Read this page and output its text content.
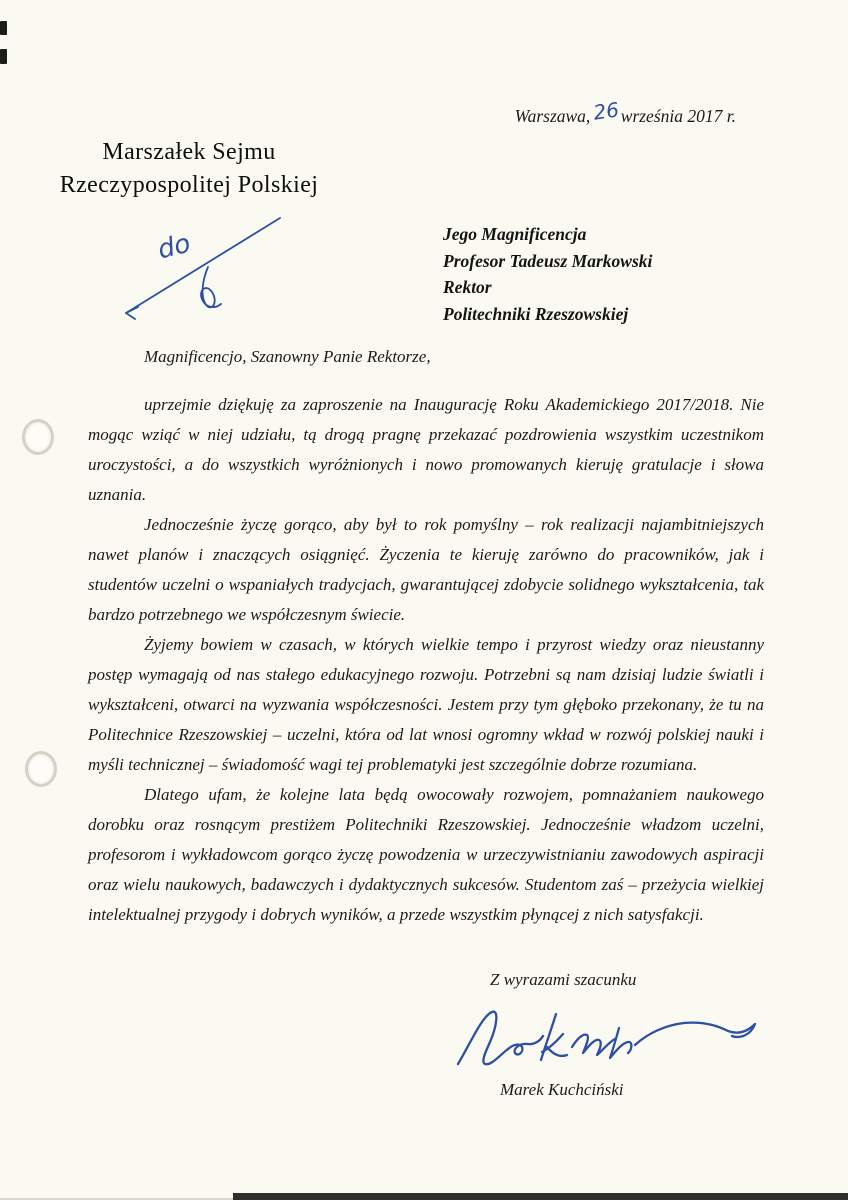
Warszawa,26września 2017 r.
Marszałek Sejmu
Rzeczypospolitej Polskiej
do	Jego Magnificencja
Profesor Tadeusz Markowski
Rektor
Politechniki Rzeszowskiej

Magnificencjo, Szanowny Panie Rektorze,

uprzejmie dziękuję za zaproszenie na Inaugurację Roku Akademickiego 2017/2018. Nie mogąc wziąć w niej udziału, tą drogą pragnę przekazać pozdrowienia wszystkim uczestnikom uroczystości, a do wszystkich wyróżnionych i nowo promowanych kieruję gratulacje i słowa uznania.

Jednocześnie życzę gorąco, aby był to rok pomyślny – rok realizacji najambitniejszych nawet planów i znaczących osiągnięć. Życzenia te kieruję zarówno do pracowników, jak i studentów uczelni o wspaniałych tradycjach, gwarantującej zdobycie solidnego wykształcenia, tak bardzo potrzebnego we współczesnym świecie.

Żyjemy bowiem w czasach, w których wielkie tempo i przyrost wiedzy oraz nieustanny postęp wymagają od nas stałego edukacyjnego rozwoju. Potrzebni są nam dzisiaj ludzie światli i wykształceni, otwarci na wyzwania współczesności. Jestem przy tym głęboko przekonany, że tu na Politechnice Rzeszowskiej – uczelni, która od lat wnosi ogromny wkład w rozwój polskiej nauki i myśli technicznej – świadomość wagi tej problematyki jest szczególnie dobrze rozumiana.

Dlatego ufam, że kolejne lata będą owocowały rozwojem, pomnażaniem naukowego dorobku oraz rosnącym prestiżem Politechniki Rzeszowskiej. Jednocześnie władzom uczelni, profesorom i wykładowcom gorąco życzę powodzenia w urzeczywistnianiu zawodowych aspiracji oraz wielu naukowych, badawczych i dydaktycznych sukcesów. Studentom zaś – przeżycia wielkiej intelektualnej przygody i dobrych wyników, a przede wszystkim płynącej z nich satysfakcji.

Z wyrazami szacunku
Marek Kuchciński
